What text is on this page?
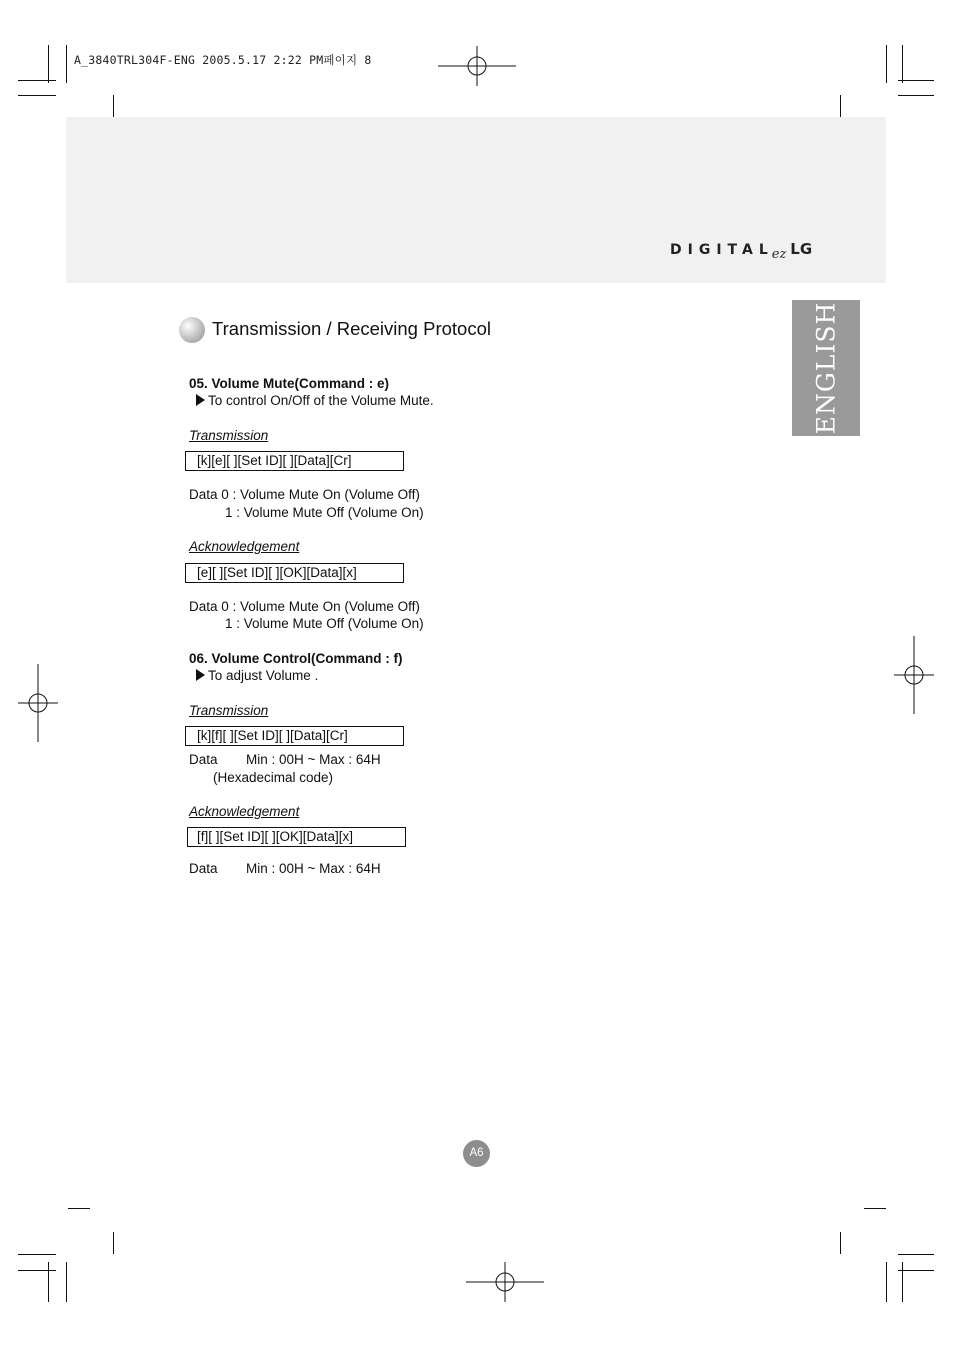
A_3840TRL304F-ENG 2005.5.17 2:22 PM페이지 8
DIGITALez LG
ENGLISH
Transmission / Receiving Protocol
05. Volume Mute(Command : e)
To control On/Off of the Volume Mute.
Transmission
[k][e][ ][Set ID][ ][Data][Cr]
Data 0 : Volume Mute On (Volume Off)
1 : Volume Mute Off (Volume On)
Acknowledgement
[e][ ][Set ID][ ][OK][Data][x]
Data 0 : Volume Mute On (Volume Off)
1 : Volume Mute Off (Volume On)
06. Volume Control(Command : f)
To adjust Volume .
Transmission
[k][f][ ][Set ID][ ][Data][Cr]
Data Min : 00H ~ Max : 64H
(Hexadecimal code)
Acknowledgement
[f][ ][Set ID][ ][OK][Data][x]
Data Min : 00H ~ Max : 64H
A6
